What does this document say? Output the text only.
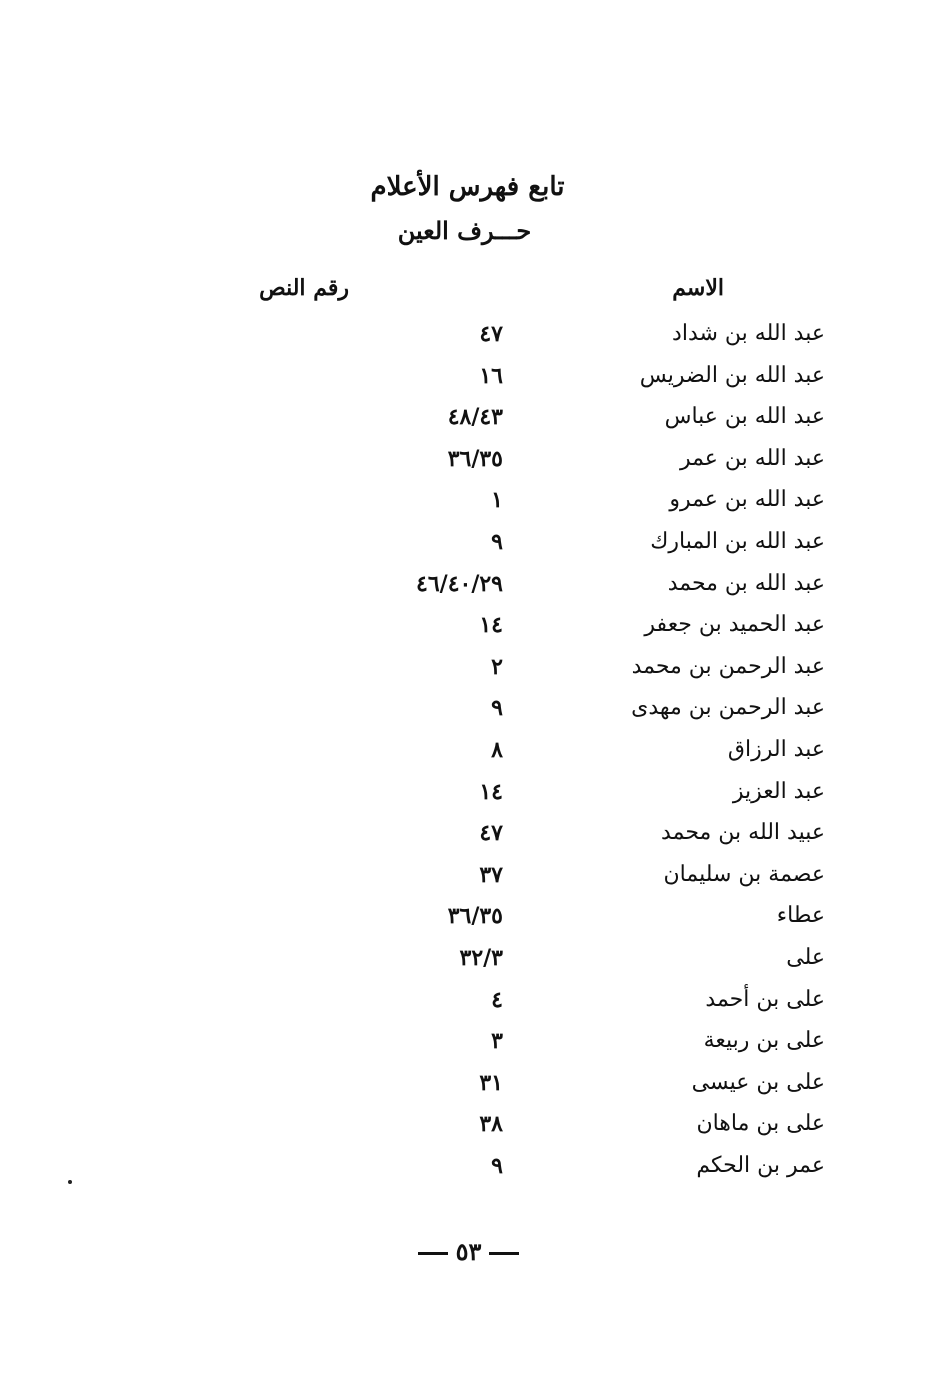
تابع فهرس الأعلام
حـــرف العين
الاسم
رقم النص
عبد الله بن شداد
٤٧
عبد الله بن الضريس
١٦
عبد الله بن عباس
٤٨/٤٣
عبد الله بن عمر
٣٦/٣٥
عبد الله بن عمرو
١
عبد الله بن المبارك
٩
عبد الله بن محمد
٤٦/٤٠/٢٩
عبد الحميد بن جعفر
١٤
عبد الرحمن بن محمد
٢
عبد الرحمن بن مهدى
٩
عبد الرزاق
٨
عبد العزيز
١٤
عبيد الله بن محمد
٤٧
عصمة بن سليمان
٣٧
عطاء
٣٦/٣٥
على
٣٢/٣
على بن أحمد
٤
على بن ربيعة
٣
على بن عيسى
٣١
على بن ماهان
٣٨
عمر بن الحكم
٩
٥٣
